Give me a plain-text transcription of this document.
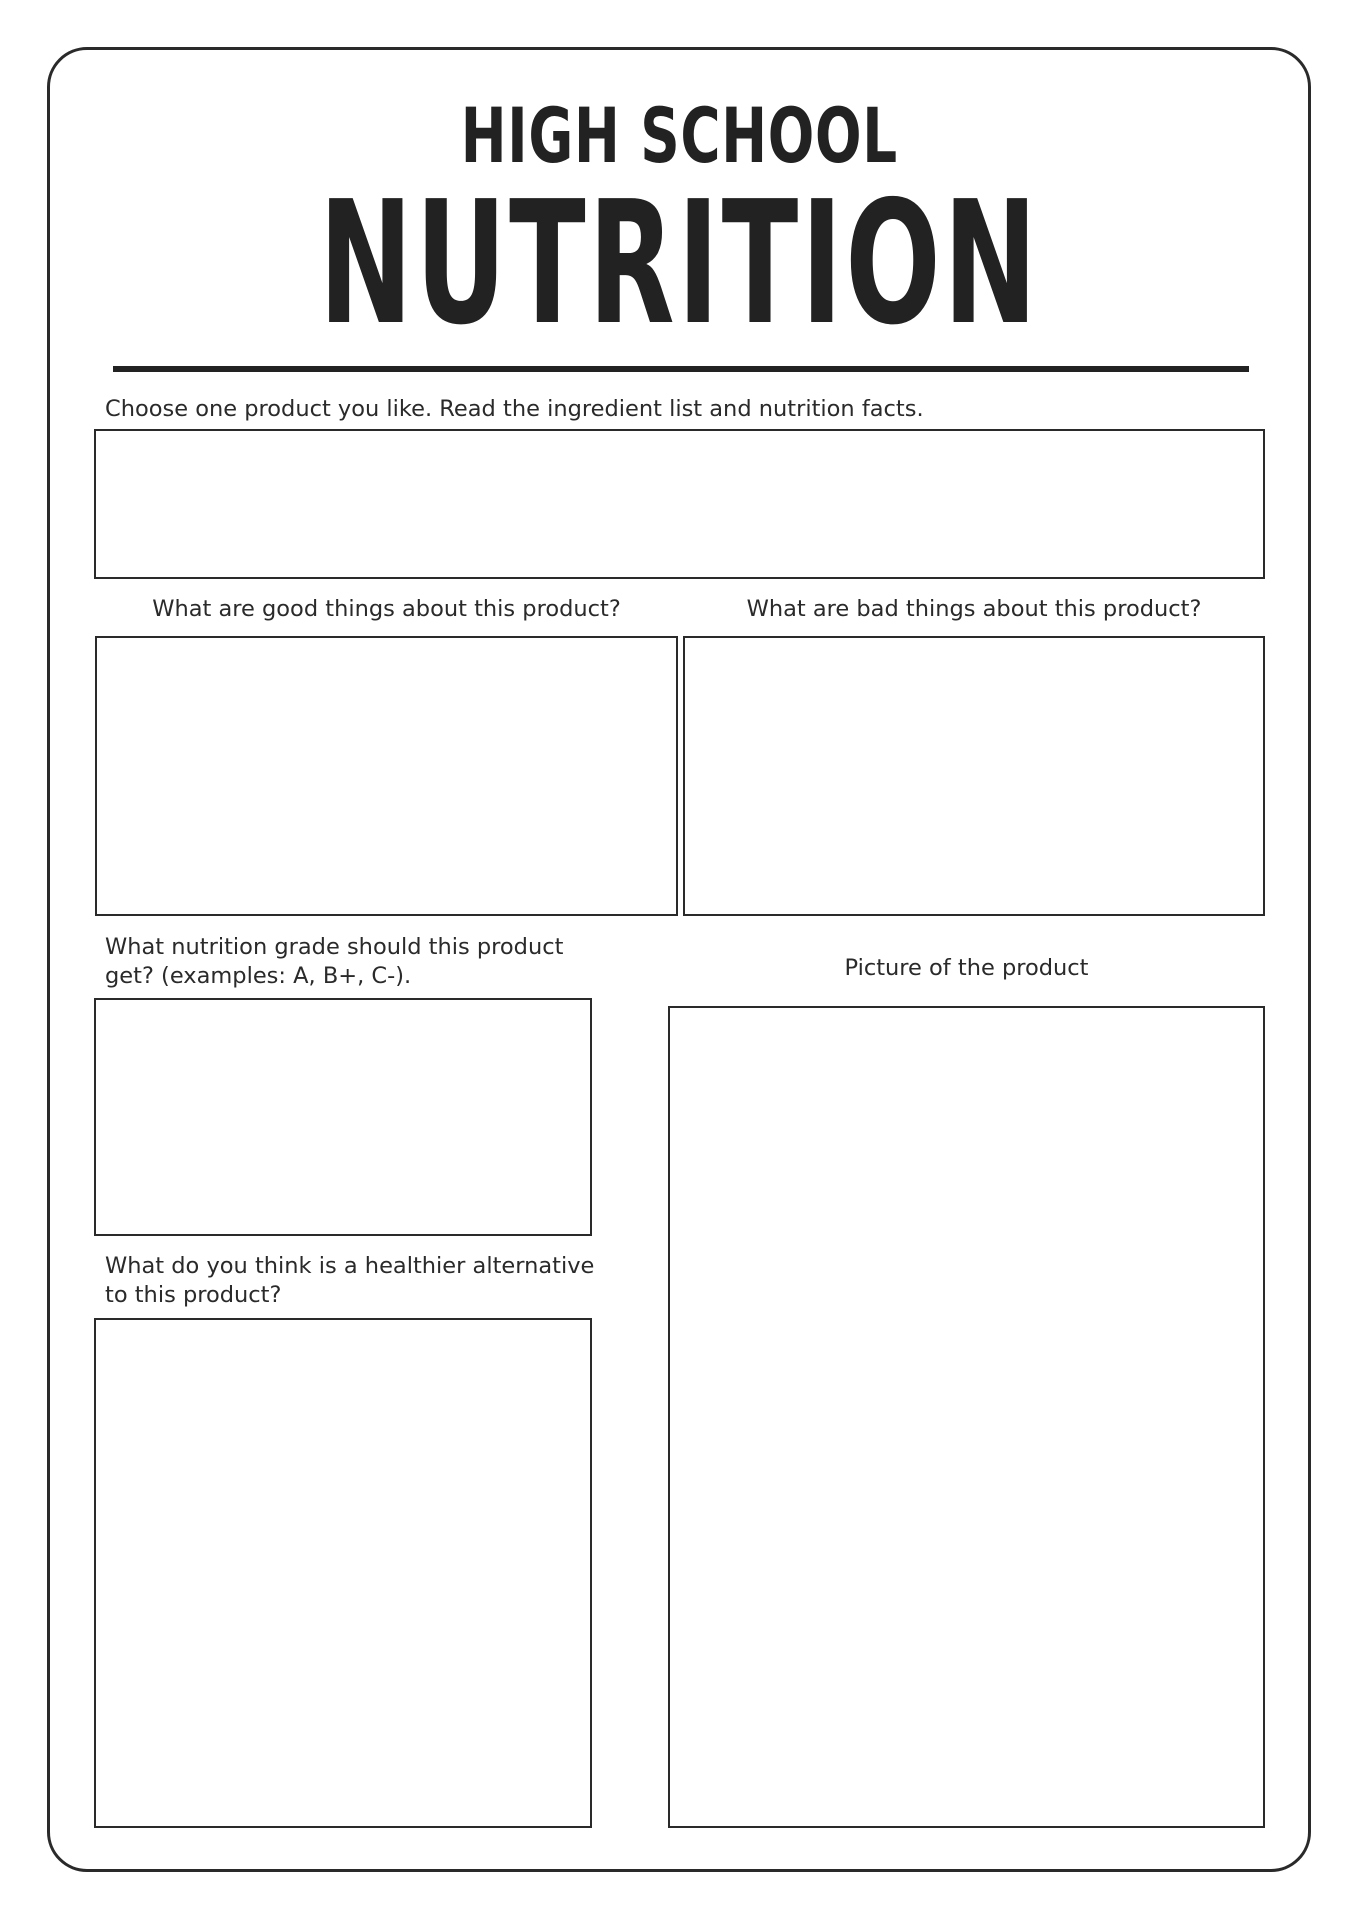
HIGH SCHOOL
NUTRITION
Choose one product you like. Read the ingredient list and nutrition facts.
What are good things about this product?	What are bad things about this product?
What nutrition grade should this product
get? (examples: A, B+, C-).	Picture of the product
What do you think is a healthier alternative
to this product?
